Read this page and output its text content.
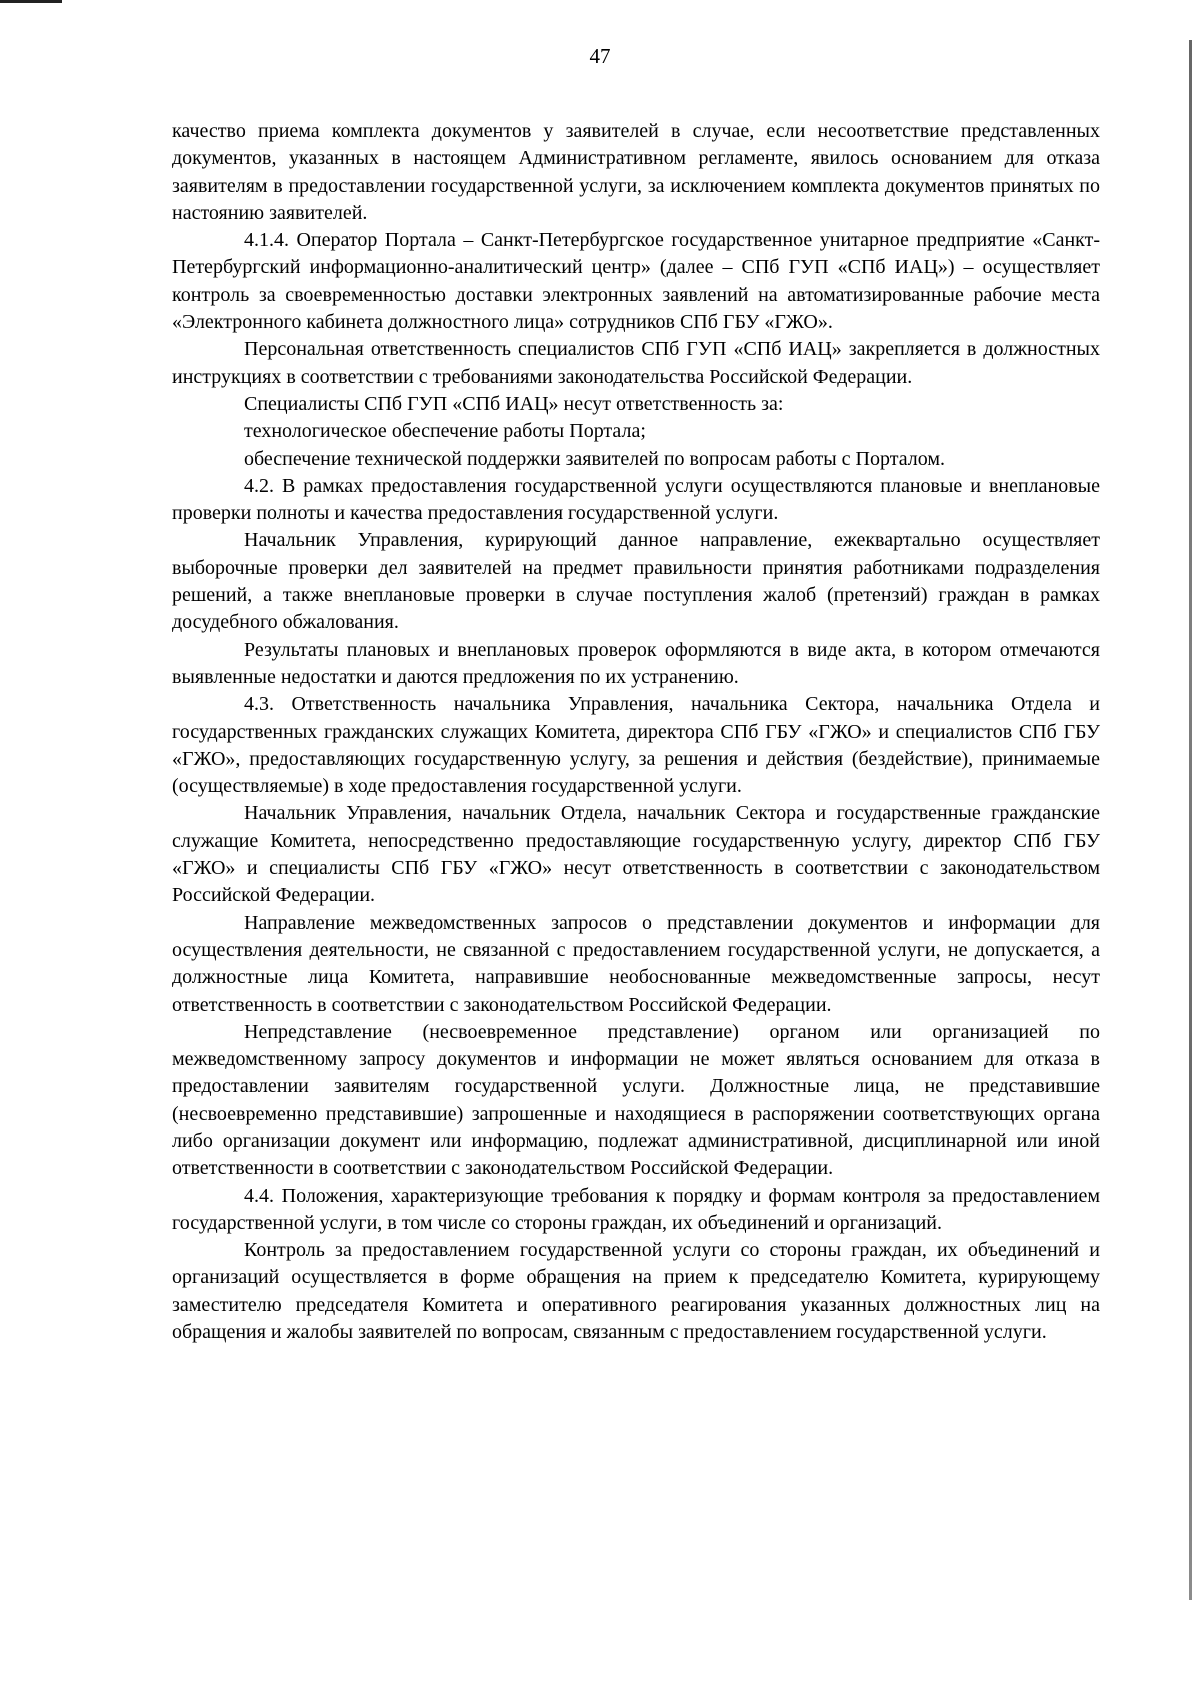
47

качество приема комплекта документов у заявителей в случае, если несоответствие представленных документов, указанных в настоящем Административном регламенте, явилось основанием для отказа заявителям в предоставлении государственной услуги, за исключением комплекта документов принятых по настоянию заявителей.

4.1.4. Оператор Портала – Санкт-Петербургское государственное унитарное предприятие «Санкт-Петербургский информационно-аналитический центр» (далее – СПб ГУП «СПб ИАЦ») – осуществляет контроль за своевременностью доставки электронных заявлений на автоматизированные рабочие места «Электронного кабинета должностного лица» сотрудников СПб ГБУ «ГЖО».

Персональная ответственность специалистов СПб ГУП «СПб ИАЦ» закрепляется в должностных инструкциях в соответствии с требованиями законодательства Российской Федерации.

Специалисты СПб ГУП «СПб ИАЦ» несут ответственность за:

технологическое обеспечение работы Портала;

обеспечение технической поддержки заявителей по вопросам работы с Порталом.

4.2. В рамках предоставления государственной услуги осуществляются плановые и внеплановые проверки полноты и качества предоставления государственной услуги.

Начальник Управления, курирующий данное направление, ежеквартально осуществляет выборочные проверки дел заявителей на предмет правильности принятия работниками подразделения решений, а также внеплановые проверки в случае поступления жалоб (претензий) граждан в рамках досудебного обжалования.

Результаты плановых и внеплановых проверок оформляются в виде акта, в котором отмечаются выявленные недостатки и даются предложения по их устранению.

4.3. Ответственность начальника Управления, начальника Сектора, начальника Отдела и государственных гражданских служащих Комитета, директора СПб ГБУ «ГЖО» и специалистов СПб ГБУ «ГЖО», предоставляющих государственную услугу, за решения и действия (бездействие), принимаемые (осуществляемые) в ходе предоставления государственной услуги.

Начальник Управления, начальник Отдела, начальник Сектора и государственные гражданские служащие Комитета, непосредственно предоставляющие государственную услугу, директор СПб ГБУ «ГЖО» и специалисты СПб ГБУ «ГЖО» несут ответственность в соответствии с законодательством Российской Федерации.

Направление межведомственных запросов о представлении документов и информации для осуществления деятельности, не связанной с предоставлением государственной услуги, не допускается, а должностные лица Комитета, направившие необоснованные межведомственные запросы, несут ответственность в соответствии с законодательством Российской Федерации.

Непредставление (несвоевременное представление) органом или организацией по межведомственному запросу документов и информации не может являться основанием для отказа в предоставлении заявителям государственной услуги. Должностные лица, не представившие (несвоевременно представившие) запрошенные и находящиеся в распоряжении соответствующих органа либо организации документ или информацию, подлежат административной, дисциплинарной или иной ответственности в соответствии с законодательством Российской Федерации.

4.4. Положения, характеризующие требования к порядку и формам контроля за предоставлением государственной услуги, в том числе со стороны граждан, их объединений и организаций.

Контроль за предоставлением государственной услуги со стороны граждан, их объединений и организаций осуществляется в форме обращения на прием к председателю Комитета, курирующему заместителю председателя Комитета и оперативного реагирования указанных должностных лиц на обращения и жалобы заявителей по вопросам, связанным с предоставлением государственной услуги.
